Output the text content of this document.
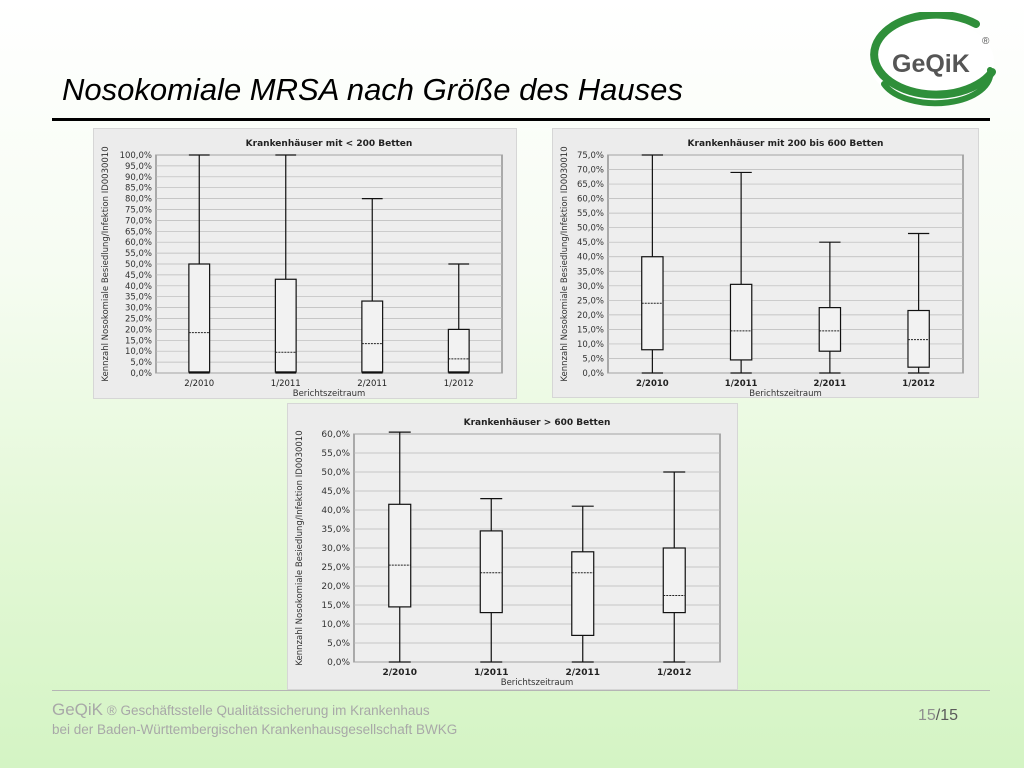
Nosokomiale MRSA nach Größe des Hauses
GeQiK
®
Krankenhäuser mit < 200 Betten
0,0%
5,0%
10,0%
15,0%
20,0%
25,0%
30,0%
35,0%
40,0%
45,0%
50,0%
55,0%
60,0%
65,0%
70,0%
75,0%
80,0%
85,0%
90,0%
95,0%
100,0%
Kennzahl Nosokomiale Besiedlung/Infektion ID0030010
2/2010	1/2011	2/2011	1/2012
Berichtszeitraum
Krankenhäuser mit 200 bis 600 Betten
0,0%
5,0%
10,0%
15,0%
20,0%
25,0%
30,0%
35,0%
40,0%
45,0%
50,0%
55,0%
60,0%
65,0%
70,0%
75,0%
Kennzahl Nosokomiale Besiedlung/Infektion ID0030010
2/2010	1/2011	2/2011	1/2012
Berichtszeitraum
Krankenhäuser > 600 Betten
0,0%
5,0%
10,0%
15,0%
20,0%
25,0%
30,0%
35,0%
40,0%
45,0%
50,0%
55,0%
60,0%
Kennzahl Nosokomiale Besiedlung/Infektion ID0030010
2/2010	1/2011	2/2011	1/2012
Berichtszeitraum
GeQiK ® Geschäftsstelle Qualitätssicherung im Krankenhaus
bei der Baden-Württembergischen Krankenhausgesellschaft BWKG
15/15
